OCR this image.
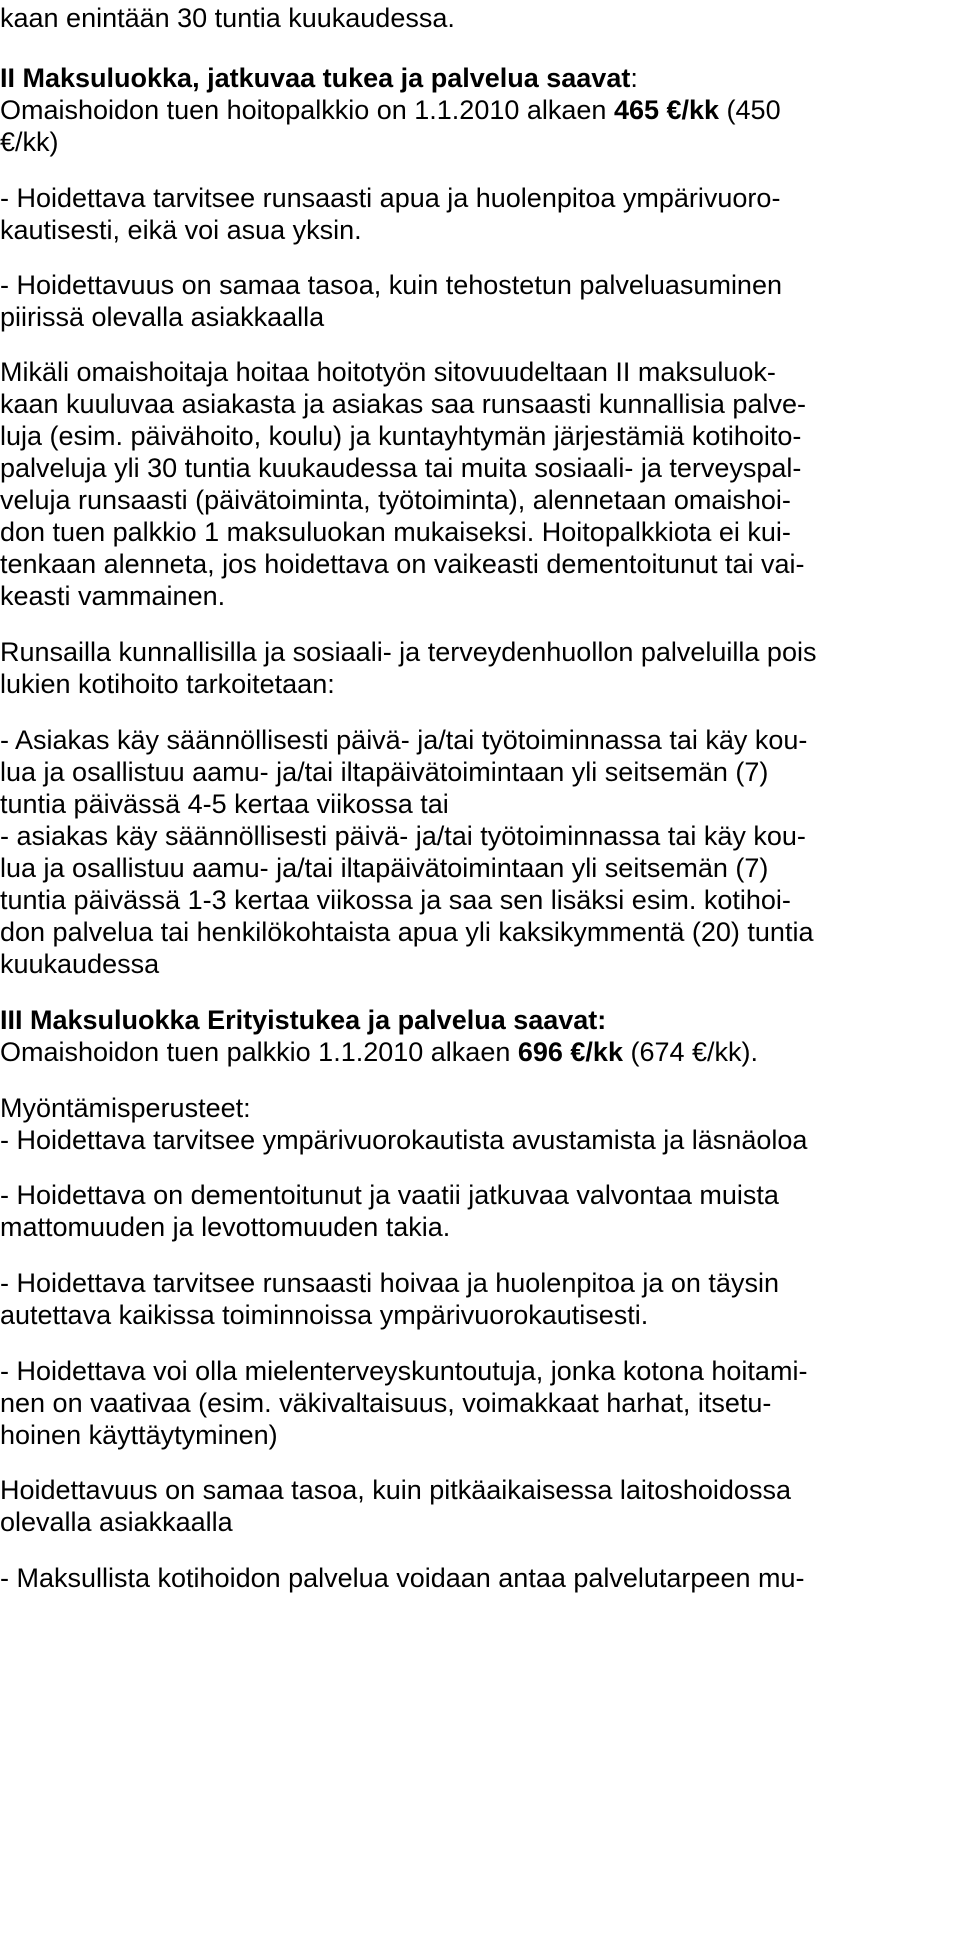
kaan enintään 30 tuntia kuukaudessa.
II Maksuluokka, jatkuvaa tukea ja palvelua saavat:
Omaishoidon tuen hoitopalkkio on 1.1.2010 alkaen 465 €/kk (450
€/kk)
- Hoidettava tarvitsee runsaasti apua ja huolenpitoa ympärivuoro-
kautisesti, eikä voi asua yksin.
- Hoidettavuus on samaa tasoa, kuin tehostetun palveluasuminen
piirissä olevalla asiakkaalla
Mikäli omaishoitaja hoitaa hoitotyön sitovuudeltaan II maksuluok-
kaan kuuluvaa asiakasta ja asiakas saa runsaasti kunnallisia palve-
luja (esim. päivähoito, koulu) ja kuntayhtymän järjestämiä kotihoito-
palveluja yli 30 tuntia kuukaudessa tai muita sosiaali- ja terveyspal-
veluja runsaasti (päivätoiminta, työtoiminta), alennetaan omaishoi-
don tuen palkkio 1 maksuluokan mukaiseksi. Hoitopalkkiota ei kui-
tenkaan alenneta, jos hoidettava on vaikeasti dementoitunut tai vai-
keasti vammainen.
Runsailla kunnallisilla ja sosiaali- ja terveydenhuollon palveluilla pois
lukien kotihoito tarkoitetaan:
- Asiakas käy säännöllisesti päivä- ja/tai työtoiminnassa tai käy kou-
lua ja osallistuu aamu- ja/tai iltapäivätoimintaan yli seitsemän (7)
tuntia päivässä 4-5 kertaa viikossa tai
- asiakas käy säännöllisesti päivä- ja/tai työtoiminnassa tai käy kou-
lua ja osallistuu aamu- ja/tai iltapäivätoimintaan yli seitsemän (7)
tuntia päivässä 1-3 kertaa viikossa ja saa sen lisäksi esim. kotihoi-
don palvelua tai henkilökohtaista apua yli kaksikymmentä (20) tuntia
kuukaudessa
III Maksuluokka Erityistukea ja palvelua saavat:
Omaishoidon tuen palkkio 1.1.2010 alkaen 696 €/kk (674 €/kk).
Myöntämisperusteet:
- Hoidettava tarvitsee ympärivuorokautista avustamista ja läsnäoloa
- Hoidettava on dementoitunut ja vaatii jatkuvaa valvontaa muista
mattomuuden ja levottomuuden takia.
- Hoidettava tarvitsee runsaasti hoivaa ja huolenpitoa ja on täysin
autettava kaikissa toiminnoissa ympärivuorokautisesti.
- Hoidettava voi olla mielenterveyskuntoutuja, jonka kotona hoitami-
nen on vaativaa (esim. väkivaltaisuus, voimakkaat harhat, itsetu-
hoinen käyttäytyminen)
Hoidettavuus on samaa tasoa, kuin pitkäaikaisessa laitoshoidossa
olevalla asiakkaalla
- Maksullista kotihoidon palvelua voidaan antaa palvelutarpeen mu-
